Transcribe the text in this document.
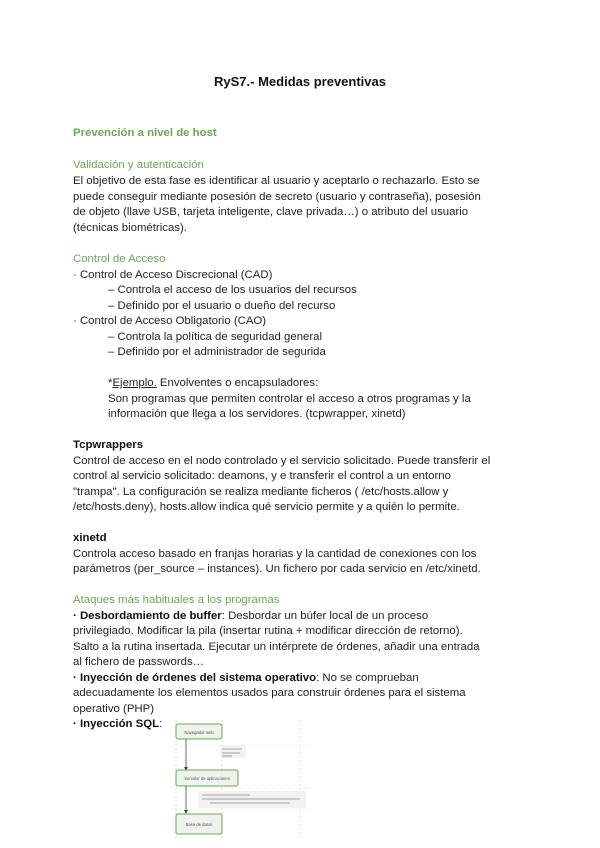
RyS7.- Medidas preventivas
Prevención a nivel de host
Validación y autenticación
El objetivo de esta fase es identificar al usuario y aceptarlo o rechazarlo. Esto se
puede conseguir mediante posesión de secreto (usuario y contraseña), posesión
de objeto (llave USB, tarjeta inteligente, clave privada…) o atributo del usuario
(técnicas biométricas).
Control de Acceso
· Control de Acceso Discrecional (CAD)
– Controla el acceso de los usuarios del recursos
– Definido por el usuario o dueño del recurso
· Control de Acceso Obligatorio (CAO)
– Controla la política de seguridad general
– Definido por el administrador de segurida
*Ejemplo. Envolventes o encapsuladores:
Son programas que permiten controlar el acceso a otros programas y la
información que llega a los servidores. (tcpwrapper, xinetd)
Tcpwrappers
Control de acceso en el nodo controlado y el servicio solicitado. Puede transferir el
control al servicio solicitado: deamons, y e transferir el control a un entorno
"trampa". La configuración se realiza mediante ficheros ( /etc/hosts.allow y
/etc/hosts.deny), hosts.allow indica qué servicio permite y a quién lo permite.
xinetd
Controla acceso basado en franjas horarias y la cantidad de conexiones con los
parámetros (per_source – instances). Un fichero por cada servicio en /etc/xinetd.
Ataques más habituales a los programas
· Desbordamiento de buffer: Desbordar un búfer local de un proceso
privilegiado. Modificar la pila (insertar rutina + modificar dirección de retorno).
Salto a la rutina insertada. Ejecutar un intérprete de órdenes, añadir una entrada
al fichero de passwords…
· Inyección de órdenes del sistema operativo: No se comprueban
adecuadamente los elementos usados para construir órdenes para el sistema
operativo (PHP)
· Inyección SQL:
Navegador web
Servidor de aplicaciones
Base de datos
